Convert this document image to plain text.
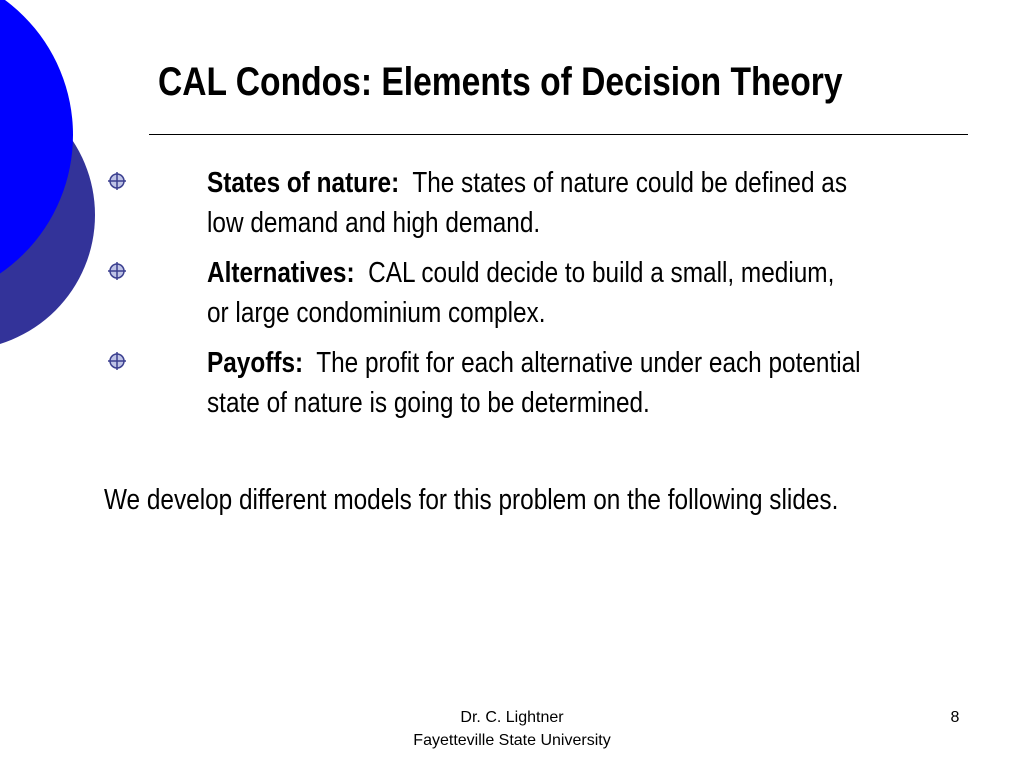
CAL Condos: Elements of Decision Theory
States of nature: The states of nature could be defined as
low demand and high demand.
Alternatives: CAL could decide to build a small, medium,
or large condominium complex.
Payoffs: The profit for each alternative under each potential
state of nature is going to be determined.
We develop different models for this problem on the following slides.
Dr. C. Lightner
Fayetteville State University
8
